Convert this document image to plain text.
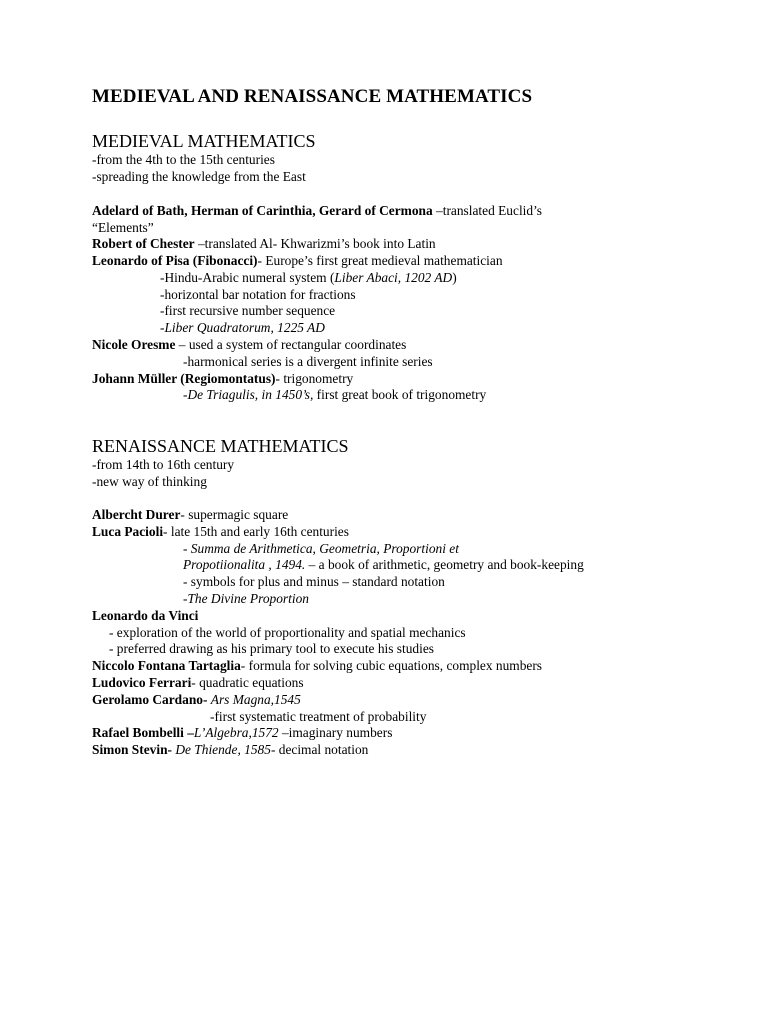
MEDIEVAL AND RENAISSANCE MATHEMATICS
MEDIEVAL MATHEMATICS
-from the 4th to the 15th centuries
-spreading the knowledge from the East
Adelard of Bath, Herman of Carinthia, Gerard of Cermona –translated Euclid’s
“Elements”
Robert of Chester –translated Al- Khwarizmi’s book into Latin
Leonardo of Pisa (Fibonacci)- Europe’s first great medieval mathematician
-Hindu-Arabic numeral system (Liber Abaci, 1202 AD)
-horizontal bar notation for fractions
-first recursive number sequence
-Liber Quadratorum, 1225 AD
Nicole Oresme – used a system of rectangular coordinates
-harmonical series is a divergent infinite series
Johann Müller (Regiomontatus)- trigonometry
-De Triagulis, in 1450’s, first great book of trigonometry
RENAISSANCE MATHEMATICS
-from 14th to 16th century
-new way of thinking
Albercht Durer- supermagic square
Luca Pacioli- late 15th and early 16th centuries
- Summa de Arithmetica, Geometria, Proportioni et
Propotiionalita , 1494. – a book of arithmetic, geometry and book-keeping
- symbols for plus and minus – standard notation
-The Divine Proportion
Leonardo da Vinci
- exploration of the world of proportionality and spatial mechanics
- preferred drawing as his primary tool to execute his studies
Niccolo Fontana Tartaglia- formula for solving cubic equations, complex numbers
Ludovico Ferrari- quadratic equations
Gerolamo Cardano- Ars Magna,1545
-first systematic treatment of probability
Rafael Bombelli –L’Algebra,1572 –imaginary numbers
Simon Stevin- De Thiende, 1585- decimal notation
